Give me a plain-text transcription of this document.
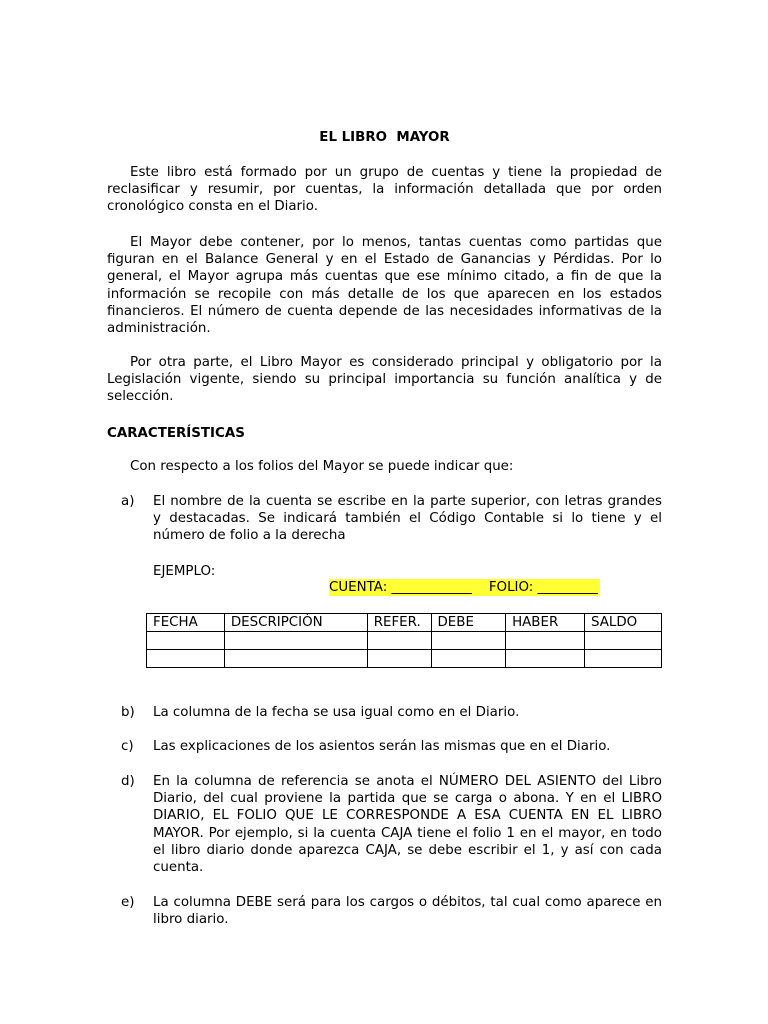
EL LIBRO  MAYOR

Este libro está formado por un grupo de cuentas y tiene la propiedad de reclasificar y resumir, por cuentas, la información detallada que por orden cronológico consta en el Diario.

El Mayor debe contener, por lo menos, tantas cuentas como partidas que figuran en el Balance General y en el Estado de Ganancias y Pérdidas. Por lo general, el Mayor agrupa más cuentas que ese mínimo citado, a fin de que la información se recopile con más detalle de los que aparecen en los estados financieros. El número de cuenta depende de las necesidades informativas de la administración.

Por otra parte, el Libro Mayor es considerado principal y obligatorio por la Legislación vigente, siendo su principal importancia su función analítica y de selección.

CARACTERÍSTICAS

Con respecto a los folios del Mayor se puede indicar que:

a) El nombre de la cuenta se escribe en la parte superior, con letras grandes y destacadas. Se indicará también el Código Contable si lo tiene y el número de folio a la derecha

EJEMPLO:

CUENTA: ____________    FOLIO: _________
FECHA	DESCRIPCIÓN	REFER.	DEBE	HABER	SALDO

b) La columna de la fecha se usa igual como en el Diario.
c) Las explicaciones de los asientos serán las mismas que en el Diario.
d) En la columna de referencia se anota el NÚMERO DEL ASIENTO del Libro Diario, del cual proviene la partida que se carga o abona. Y en el LIBRO DIARIO, EL FOLIO QUE LE CORRESPONDE A ESA CUENTA EN EL LIBRO MAYOR. Por ejemplo, si la cuenta CAJA tiene el folio 1 en el mayor, en todo el libro diario donde aparezca CAJA, se debe escribir el 1, y así con cada cuenta.
e) La columna DEBE será para los cargos o débitos, tal cual como aparece en libro diario.
